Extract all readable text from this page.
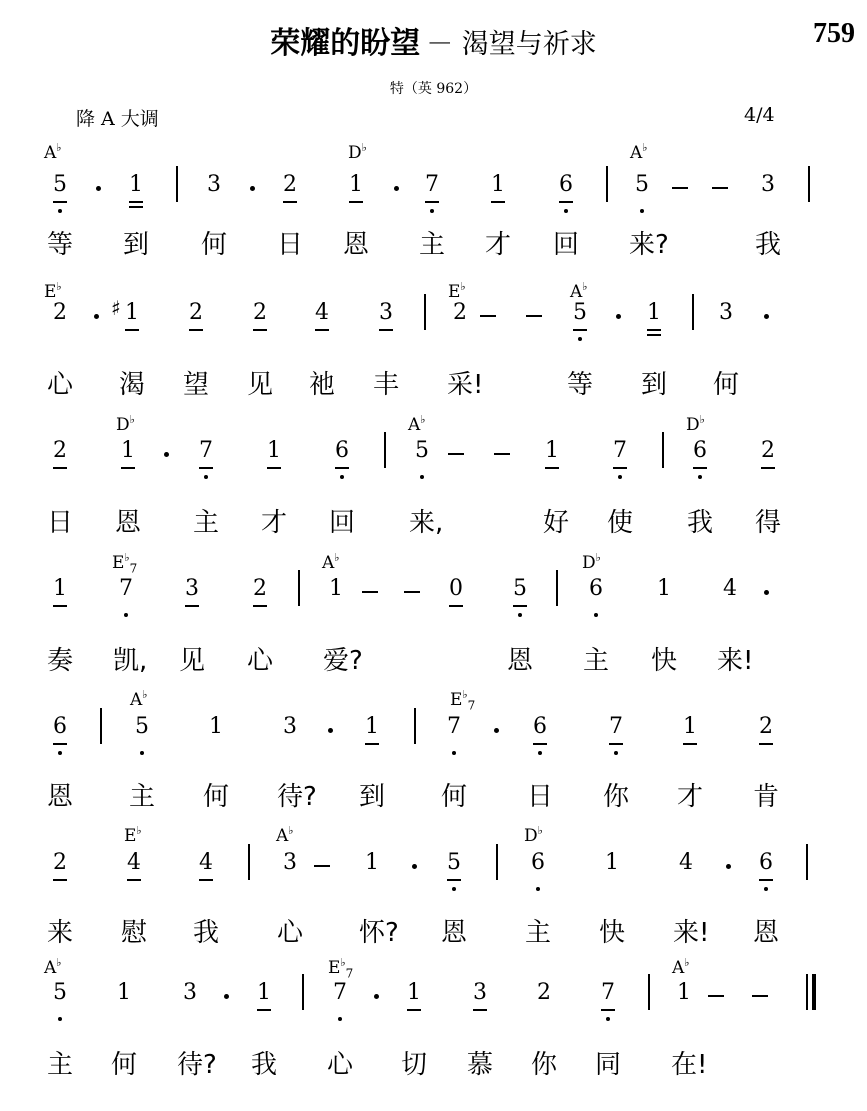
荣耀的盼望 － 渴望与祈求	759
特（英 962）
降 A 大调	4/4
A♭	D♭	A♭
5	1	3	2	1	7	1	6	5	3
等 到 何 日 恩 主 才 回 来?	我
E♭	E♭	A♭
2	1
♯	2	2	4	3	2	5	1	3
心 渴 望 见 祂 丰 采!	等 到 何
D♭	A♭	D♭
2	1	7	1	6	5	1	7	6	2
日 恩 主 才 回 来,	好 使 我 得
$E^♭_7$	A♭	D♭
1	7	3	2	1	0	5	6	1	4
奏 凯, 见 心 爱?	恩 主 快 来!
A♭	$E^♭_7$
6	5	1	3	1	7	6	7	1	2
恩 主 何 待? 到 何 日 你 才 肯
E♭	A♭	D♭
2	4	4	3	1	5	6	1	4	6
来 慰 我 心 怀? 恩 主 快 来! 恩
A♭	$E^♭_7$	A♭
5	1	3	1	7	1	3	2	7	1
主 何 待? 我 心 切 慕 你 同 在!
